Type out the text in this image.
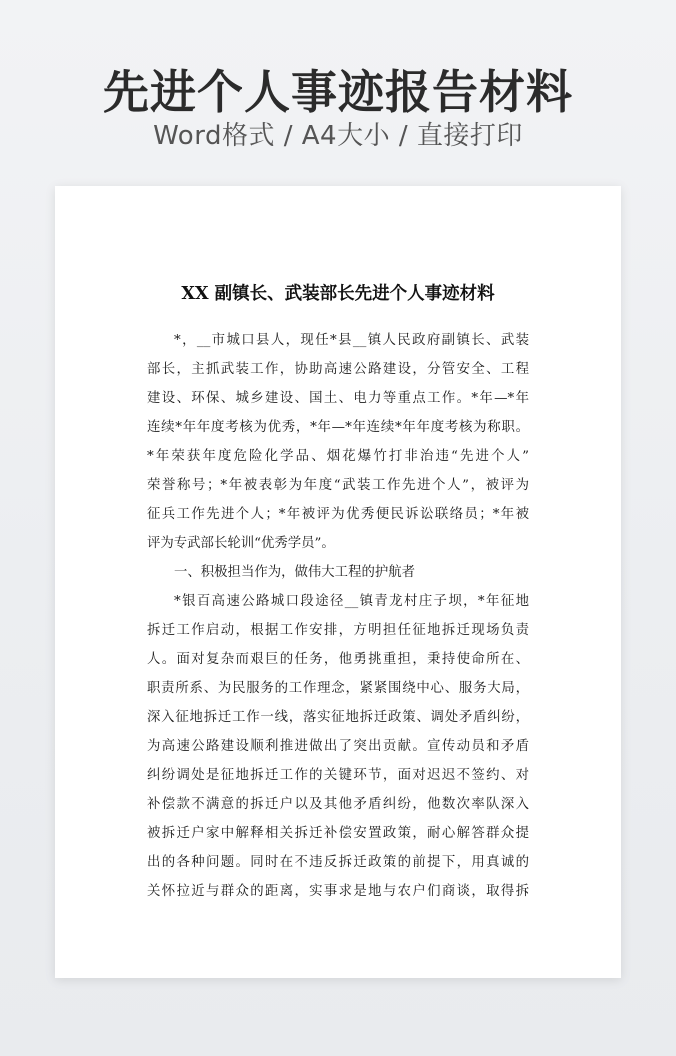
先进个人事迹报告材料
Word格式 / A4大小 / 直接打印
XX 副镇长、武装部长先进个人事迹材料
*，__市城口县人，现任*县__镇人民政府副镇长、武装
部长，主抓武装工作，协助高速公路建设，分管安全、工程
建设、环保、城乡建设、国土、电力等重点工作。*年—*年
连续*年年度考核为优秀，*年—*年连续*年年度考核为称职。
*年荣获年度危险化学品、烟花爆竹打非治违“先进个人”
荣誉称号；*年被表彰为年度“武装工作先进个人”，被评为
征兵工作先进个人；*年被评为优秀便民诉讼联络员；*年被
评为专武部长轮训“优秀学员”。
一、积极担当作为，做伟大工程的护航者
*银百高速公路城口段途径__镇青龙村庄子坝，*年征地
拆迁工作启动，根据工作安排，方明担任征地拆迁现场负责
人。面对复杂而艰巨的任务，他勇挑重担，秉持使命所在、
职责所系、为民服务的工作理念，紧紧围绕中心、服务大局，
深入征地拆迁工作一线，落实征地拆迁政策、调处矛盾纠纷，
为高速公路建设顺利推进做出了突出贡献。宣传动员和矛盾
纠纷调处是征地拆迁工作的关键环节，面对迟迟不签约、对
补偿款不满意的拆迁户以及其他矛盾纠纷，他数次率队深入
被拆迁户家中解释相关拆迁补偿安置政策，耐心解答群众提
出的各种问题。同时在不违反拆迁政策的前提下，用真诚的
关怀拉近与群众的距离，实事求是地与农户们商谈，取得拆
